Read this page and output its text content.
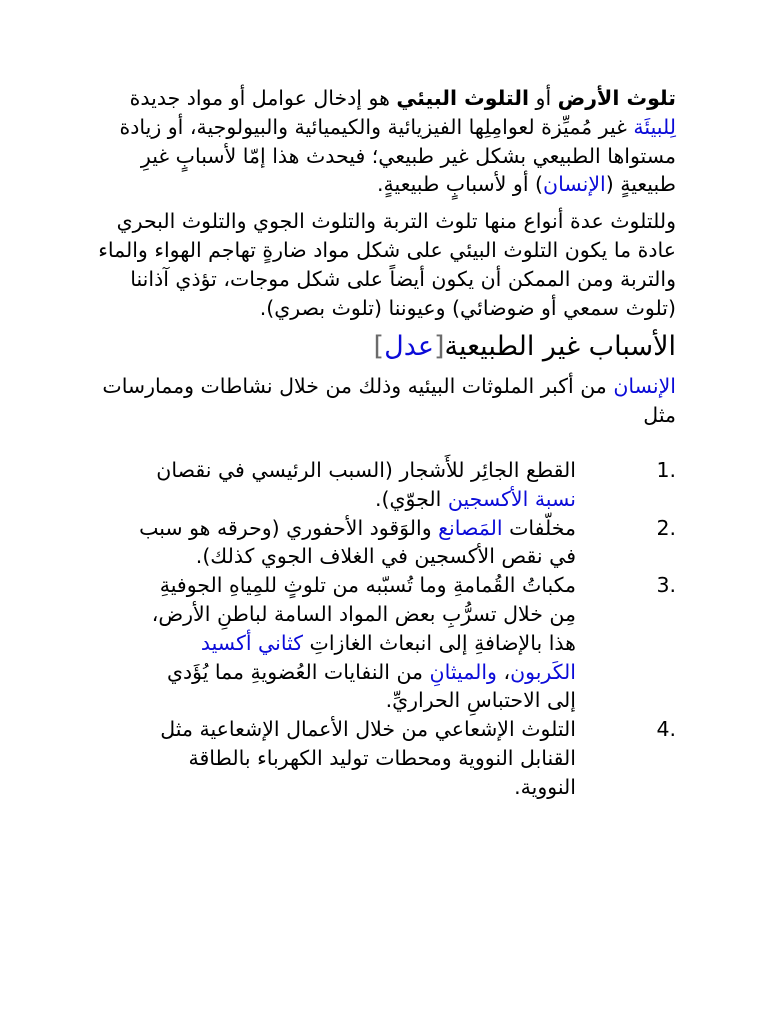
تلوث الأرض أو التلوث البيئي هو إدخال عوامل أو مواد جديدة لِلبيئَة غير مُميِّزة لعوامِلِها الفيزيائية والكيميائية والبيولوجية، أو زيادة مستواها الطبيعي بشكل غير طبيعي؛ فيحدث هذا إمّا لأسبابٍ غيرِ طبيعيةٍ (الإنسان) أو لأسبابٍ طبيعيةٍ.

وللتلوث عدة أنواع منها تلوث التربة والتلوث الجوي والتلوث البحري عادة ما يكون التلوث البيئي على شكل مواد ضارةٍ تهاجم الهواء والماء والتربة ومن الممكن أن يكون أيضاً على شكل موجات، تؤذي آذاننا (تلوث سمعي أو ضوضائي) وعيوننا (تلوث بصري).

الأسباب غير الطبيعية[عدل]

الإنسان من أكبر الملوثات البيئيه وذلك من خلال نشاطات وممارسات مثل

1.
القطع الجائِر للأَشجار (السبب الرئيسي في نقصان نسبة الأكسجين الجوّي).
2.
مخلّفات المَصانع والوَقود الأحفوري (وحرقه هو سبب في نقص الأكسجين في الغلاف الجوي كذلك).
3.
مكباتُ القُمامةِ وما تُسبّبه من تلوثٍ للمِياهِ الجوفيةِ مِن خلال تسرُّبِ بعض المواد السامة لباطنِ الأرض، هذا بالإضافةِ إلى انبعاث الغازاتِ كثاني أكسيد الكَربون، والميثانِ من النفايات العُضويةِ مما يُؤَدي إلى الاحتباسِ الحراريِّ.
4.
التلوث الإشعاعي من خلال الأعمال الإشعاعية مثل القنابل النووية ومحطات توليد الكهرباء بالطاقة النووية.
